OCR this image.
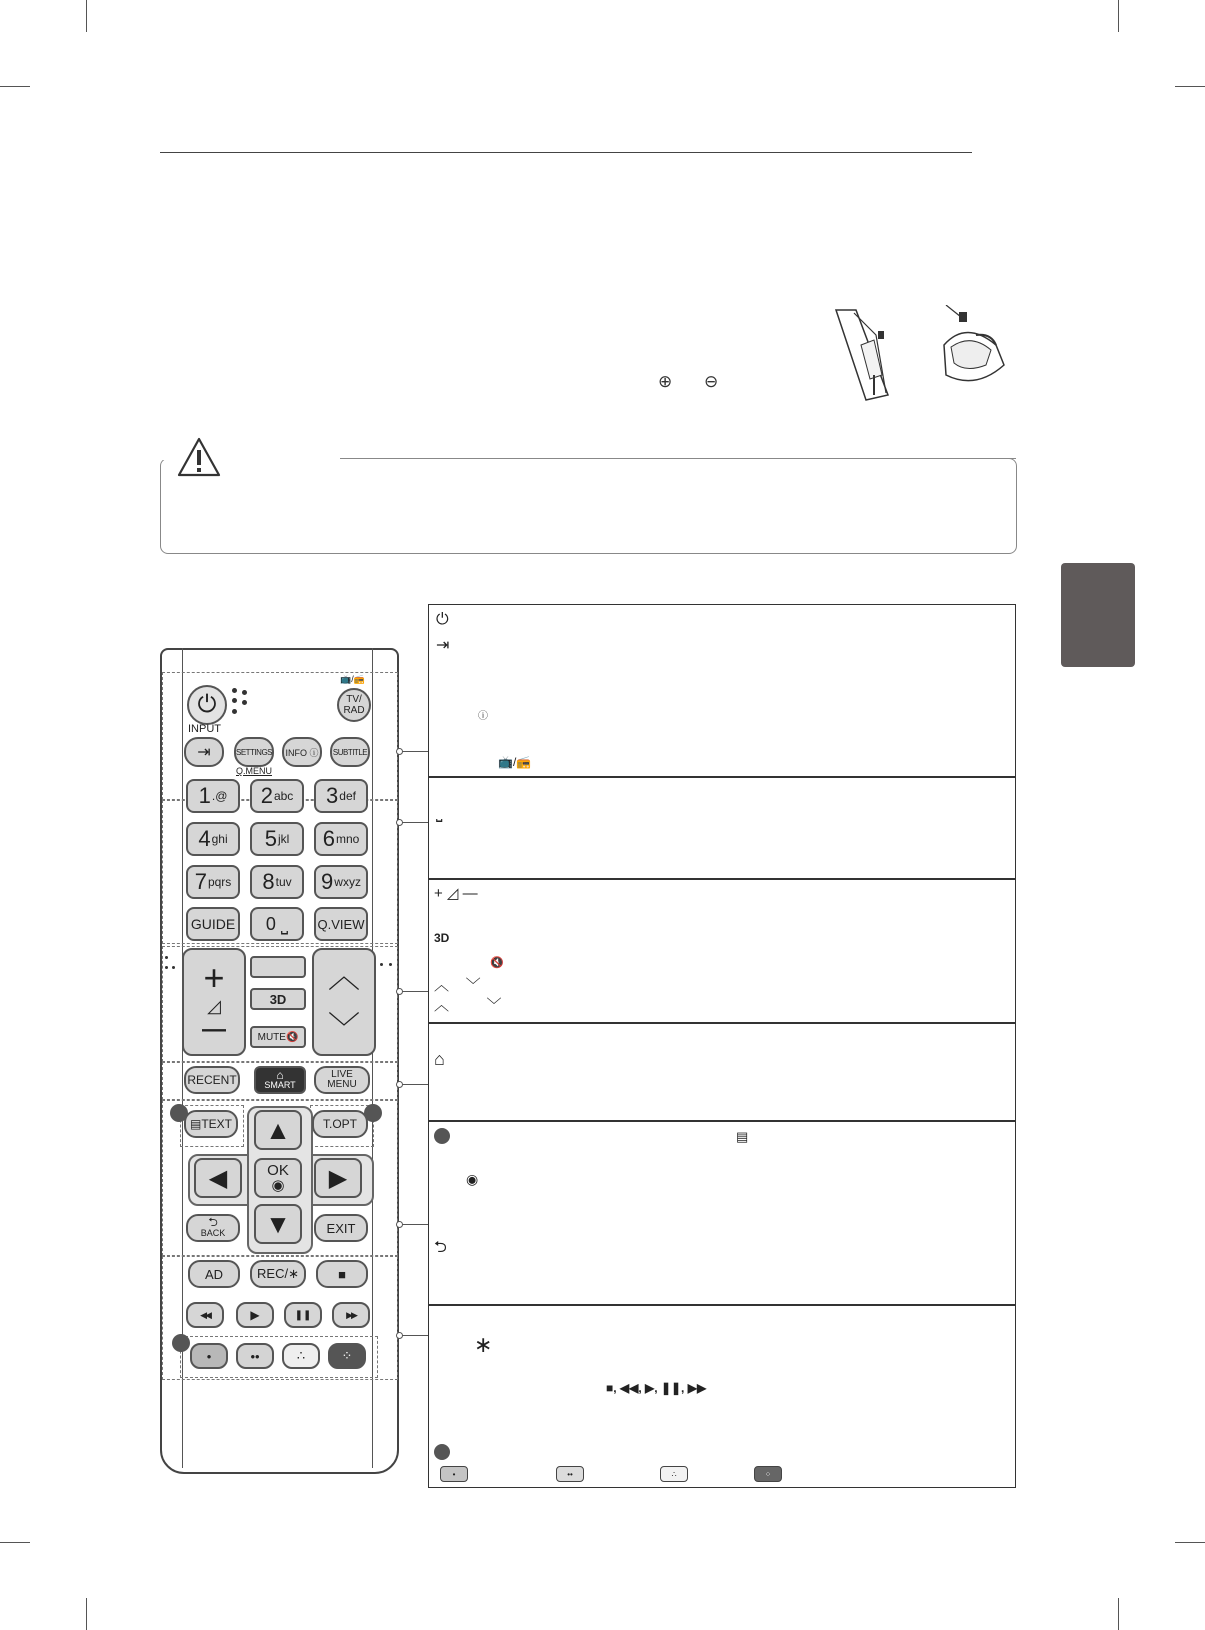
⊕ ⊖
⏻
📺/📻
TV/
RAD
INPUT
⇥	SETTINGS
Q.MENU
INFO ⓘ	SUBTITLE
1 .@ 2 abc 3 def
4 ghi 5 jkl 6 mno
7 pqrs 8 tuv 9 wxyz
GUIDE	0 ⎵	Q.VIEW
+
◿
—
3D
MUTE🔇
︿
﹀
RECENT	⌂
SMART
LIVE
MENU
▤TEXT	T.OPT
▲
◀	OK
◉	▶
▼
⮌
BACK	EXIT
AD	REC/∗	■
◀◀	▶	❚❚	▶▶
•	••	∴	⁘
⏻
⇥
ⓘ
📺/📻
⎵
+ ◿ —
3D
🔇
︿    ﹀
︿         ﹀
⌂
▤
◉
⮌
∗
■, ◀◀, ▶, ❚❚, ▶▶
•	••	∴	⁘
